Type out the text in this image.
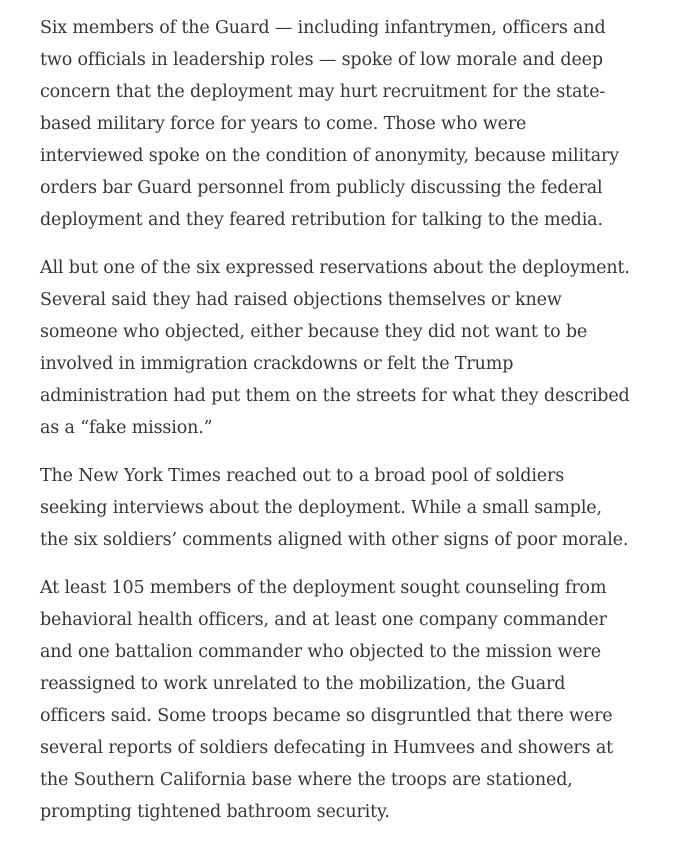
Six members of the Guard — including infantrymen, officers and
two officials in leadership roles — spoke of low morale and deep
concern that the deployment may hurt recruitment for the state-
based military force for years to come. Those who were
interviewed spoke on the condition of anonymity, because military
orders bar Guard personnel from publicly discussing the federal
deployment and they feared retribution for talking to the media.

All but one of the six expressed reservations about the deployment.
Several said they had raised objections themselves or knew
someone who objected, either because they did not want to be
involved in immigration crackdowns or felt the Trump
administration had put them on the streets for what they described
as a “fake mission.”

The New York Times reached out to a broad pool of soldiers
seeking interviews about the deployment. While a small sample,
the six soldiers’ comments aligned with other signs of poor morale.

At least 105 members of the deployment sought counseling from
behavioral health officers, and at least one company commander
and one battalion commander who objected to the mission were
reassigned to work unrelated to the mobilization, the Guard
officers said. Some troops became so disgruntled that there were
several reports of soldiers defecating in Humvees and showers at
the Southern California base where the troops are stationed,
prompting tightened bathroom security.
